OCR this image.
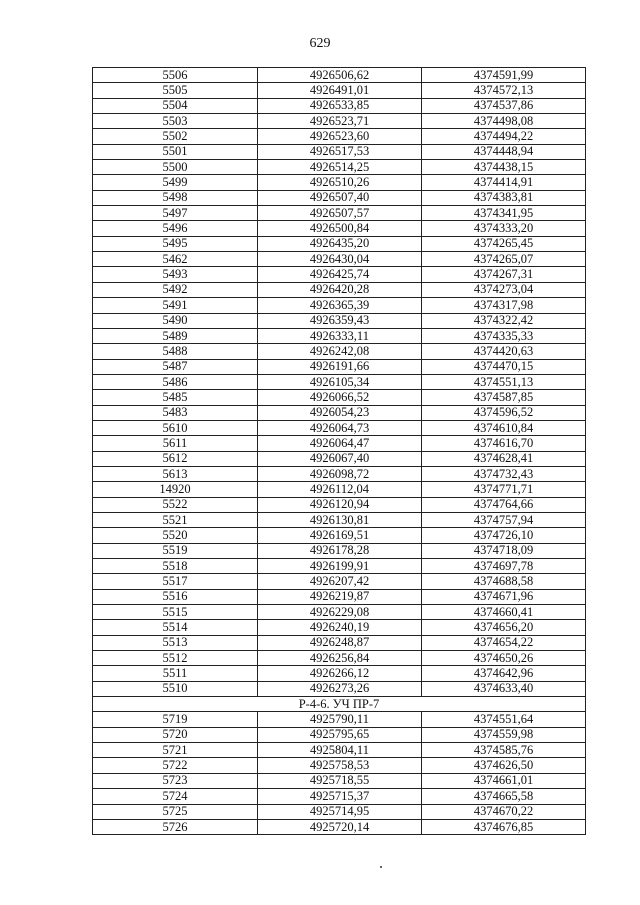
629
5506	4926506,62	4374591,99
5505	4926491,01	4374572,13
5504	4926533,85	4374537,86
5503	4926523,71	4374498,08
5502	4926523,60	4374494,22
5501	4926517,53	4374448,94
5500	4926514,25	4374438,15
5499	4926510,26	4374414,91
5498	4926507,40	4374383,81
5497	4926507,57	4374341,95
5496	4926500,84	4374333,20
5495	4926435,20	4374265,45
5462	4926430,04	4374265,07
5493	4926425,74	4374267,31
5492	4926420,28	4374273,04
5491	4926365,39	4374317,98
5490	4926359,43	4374322,42
5489	4926333,11	4374335,33
5488	4926242,08	4374420,63
5487	4926191,66	4374470,15
5486	4926105,34	4374551,13
5485	4926066,52	4374587,85
5483	4926054,23	4374596,52
5610	4926064,73	4374610,84
5611	4926064,47	4374616,70
5612	4926067,40	4374628,41
5613	4926098,72	4374732,43
14920	4926112,04	4374771,71
5522	4926120,94	4374764,66
5521	4926130,81	4374757,94
5520	4926169,51	4374726,10
5519	4926178,28	4374718,09
5518	4926199,91	4374697,78
5517	4926207,42	4374688,58
5516	4926219,87	4374671,96
5515	4926229,08	4374660,41
5514	4926240,19	4374656,20
5513	4926248,87	4374654,22
5512	4926256,84	4374650,26
5511	4926266,12	4374642,96
5510	4926273,26	4374633,40
Р-4-6. УЧ ПР-7		
5719	4925790,11	4374551,64
5720	4925795,65	4374559,98
5721	4925804,11	4374585,76
5722	4925758,53	4374626,50
5723	4925718,55	4374661,01
5724	4925715,37	4374665,58
5725	4925714,95	4374670,22
5726	4925720,14	4374676,85
